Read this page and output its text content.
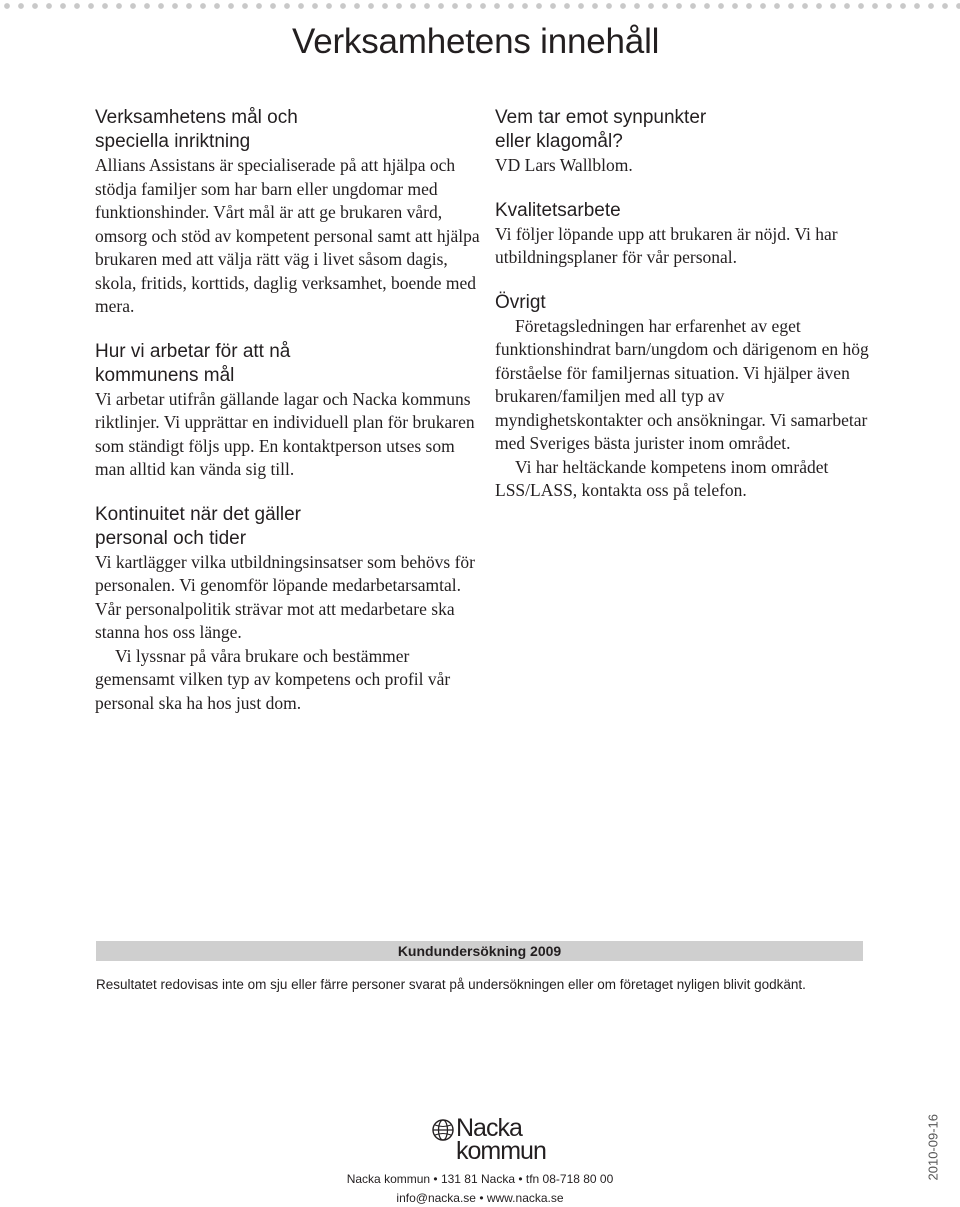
Verksamhetens innehåll
Verksamhetens mål och
speciella inriktning

Allians Assistans är specialiserade på att hjälpa och stödja familjer som har barn eller ungdomar med funktionshinder. Vårt mål är att ge brukaren vård, omsorg och stöd av kompetent personal samt att hjälpa brukaren med att välja rätt väg i livet såsom dagis, skola, fritids, korttids, daglig verksamhet, boende med mera.

Hur vi arbetar för att nå
kommunens mål

Vi arbetar utifrån gällande lagar och Nacka kommuns riktlinjer. Vi upprättar en individuell plan för brukaren som ständigt följs upp. En kontaktperson utses som man alltid kan vända sig till.

Kontinuitet när det gäller
personal och tider

Vi kartlägger vilka utbildningsinsatser som behövs för personalen. Vi genomför löpande medarbetarsamtal. Vår personalpolitik strävar mot att medarbetare ska stanna hos oss länge.

Vi lyssnar på våra brukare och bestämmer gemensamt vilken typ av kompetens och profil vår personal ska ha hos just dom.

Vem tar emot synpunkter
eller klagomål?

VD Lars Wallblom.

Kvalitetsarbete

Vi följer löpande upp att brukaren är nöjd. Vi har utbildningsplaner för vår personal.

Övrigt

Företagsledningen har erfarenhet av eget funktionshindrat barn/ungdom och därigenom en hög förståelse för familjernas situation. Vi hjälper även brukaren/familjen med all typ av myndighetskontakter och ansökningar. Vi samarbetar med Sveriges bästa jurister inom området.

Vi har heltäckande kompetens inom området LSS/LASS, kontakta oss på telefon.

Kundundersökning 2009

Resultatet redovisas inte om sju eller färre personer svarat på undersökningen eller om företaget nyligen blivit godkänt.

Nacka
kommun
Nacka kommun • 131 81 Nacka • tfn 08-718 80 00
info@nacka.se • www.nacka.se
2010-09-16
